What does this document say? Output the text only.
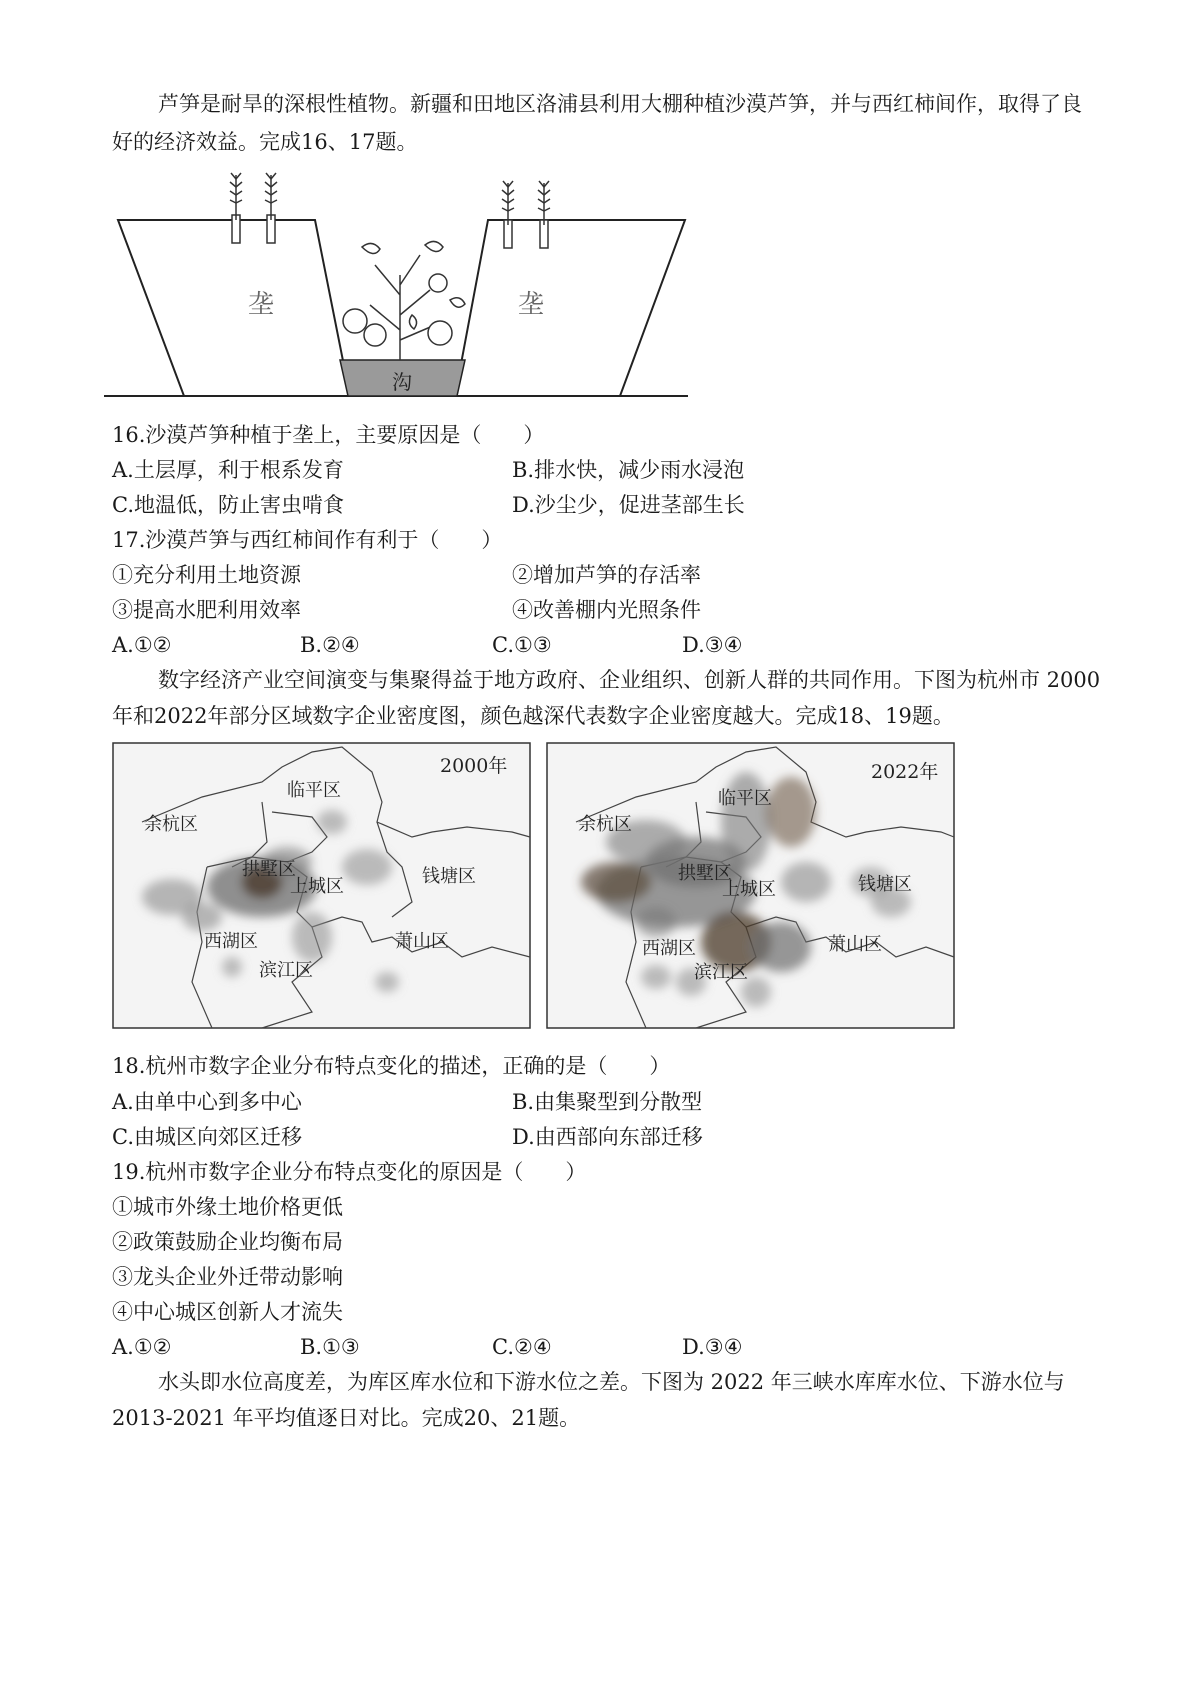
芦笋是耐旱的深根性植物。新疆和田地区洛浦县利用大棚种植沙漠芦笋，并与西红柿间作，取得了良
好的经济效益。完成16、17题。
垄	垄
沟
16.沙漠芦笋种植于垄上，主要原因是（　　）
A.土层厚，利于根系发育	B.排水快，减少雨水浸泡
C.地温低，防止害虫啃食	D.沙尘少，促进茎部生长
17.沙漠芦笋与西红柿间作有利于（　　）
①充分利用土地资源	②增加芦笋的存活率
③提高水肥利用效率	④改善棚内光照条件
A.①②	B.②④	C.①③	D.③④
数字经济产业空间演变与集聚得益于地方政府、企业组织、创新人群的共同作用。下图为杭州市 2000
年和2022年部分区域数字企业密度图，颜色越深代表数字企业密度越大。完成18、19题。
2000年
临平区
余杭区
拱墅区
上城区	钱塘区
西湖区	萧山区
滨江区
2022年
临平区
余杭区
拱墅区
上城区	钱塘区
西湖区	萧山区
滨江区
18.杭州市数字企业分布特点变化的描述，正确的是（　　）
A.由单中心到多中心	B.由集聚型到分散型
C.由城区向郊区迁移	D.由西部向东部迁移
19.杭州市数字企业分布特点变化的原因是（　　）
①城市外缘土地价格更低
②政策鼓励企业均衡布局
③龙头企业外迁带动影响
④中心城区创新人才流失
A.①②	B.①③	C.②④	D.③④
水头即水位高度差，为库区库水位和下游水位之差。下图为 2022 年三峡水库库水位、下游水位与
2013-2021 年平均值逐日对比。完成20、21题。
